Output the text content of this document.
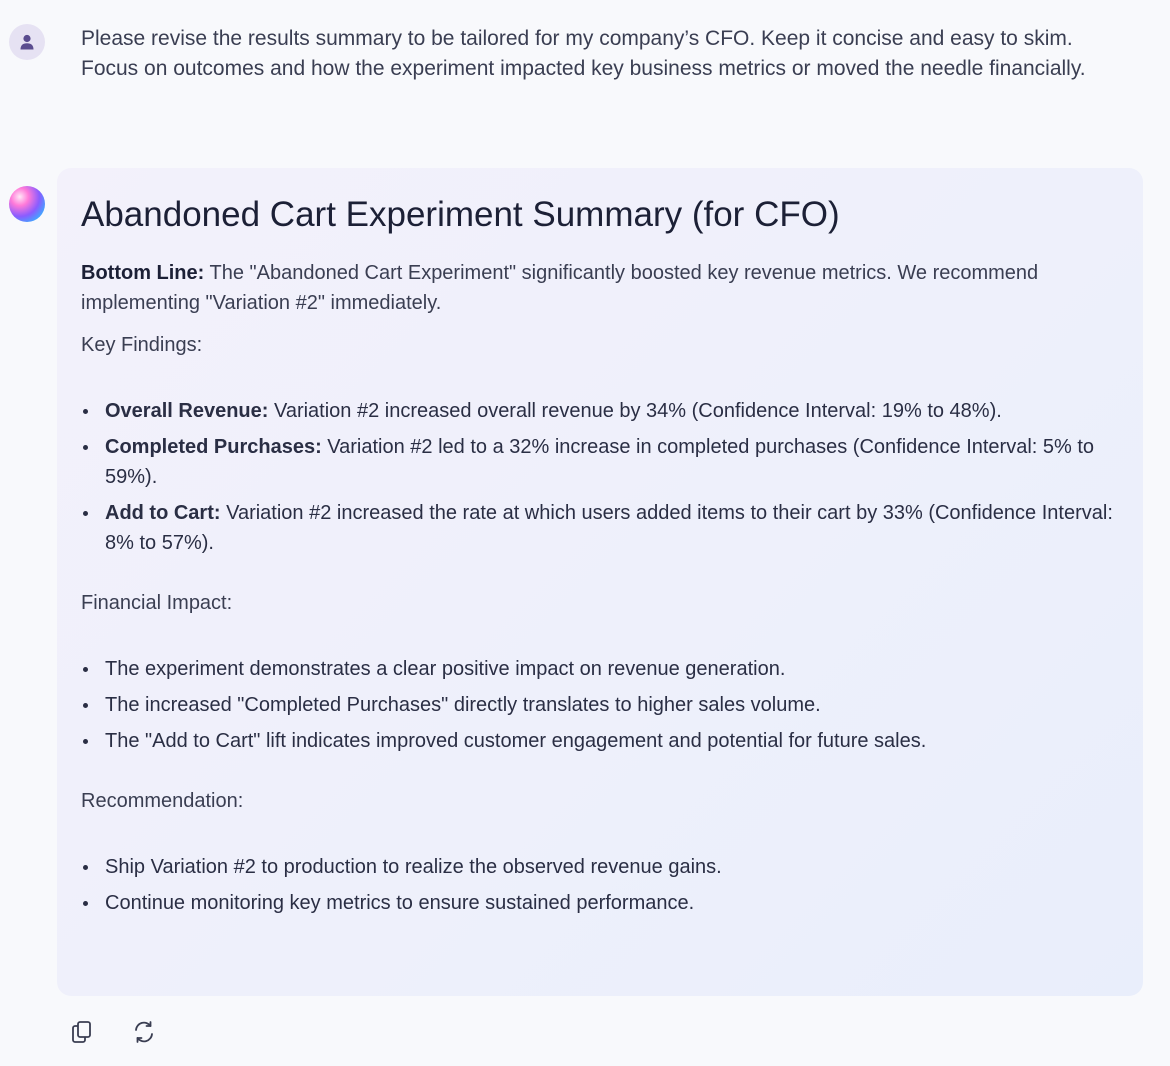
Please revise the results summary to be tailored for my company’s CFO. Keep it concise and easy to skim. Focus on outcomes and how the experiment impacted key business metrics or moved the needle financially.
Abandoned Cart Experiment Summary (for CFO)

Bottom Line: The "Abandoned Cart Experiment" significantly boosted key revenue metrics. We recommend implementing "Variation #2" immediately.

Key Findings:

Overall Revenue: Variation #2 increased overall revenue by 34% (Confidence Interval: 19% to 48%).
Completed Purchases: Variation #2 led to a 32% increase in completed purchases (Confidence Interval: 5% to 59%).
Add to Cart: Variation #2 increased the rate at which users added items to their cart by 33% (Confidence Interval: 8% to 57%).

Financial Impact:

The experiment demonstrates a clear positive impact on revenue generation.
The increased "Completed Purchases" directly translates to higher sales volume.
The "Add to Cart" lift indicates improved customer engagement and potential for future sales.

Recommendation:

Ship Variation #2 to production to realize the observed revenue gains.
Continue monitoring key metrics to ensure sustained performance.
